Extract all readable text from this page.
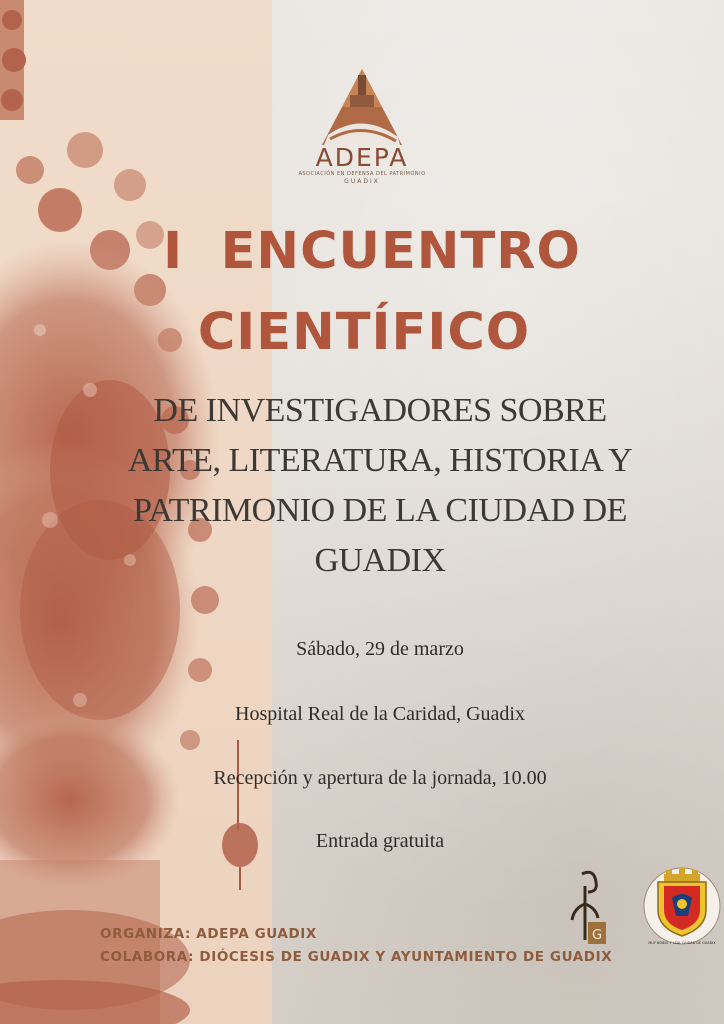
ADEPA
ASOCIACIÓN EN DEFENSA DEL PATRIMONIO
GUADIX
I  ENCUENTRO
CIENTÍFICO
DE INVESTIGADORES SOBRE
ARTE, LITERATURA, HISTORIA Y
PATRIMONIO DE LA CIUDAD DE
GUADIX
Sábado, 29 de marzo
Hospital Real de la Caridad, Guadix
Recepción y apertura de la jornada, 10.00
Entrada gratuita
ORGANIZA: ADEPA GUADIX
COLABORA: DIÓCESIS DE GUADIX Y AYUNTAMIENTO DE GUADIX
G	MUY NOBLE Y LEAL CIUDAD DE GUADIX
